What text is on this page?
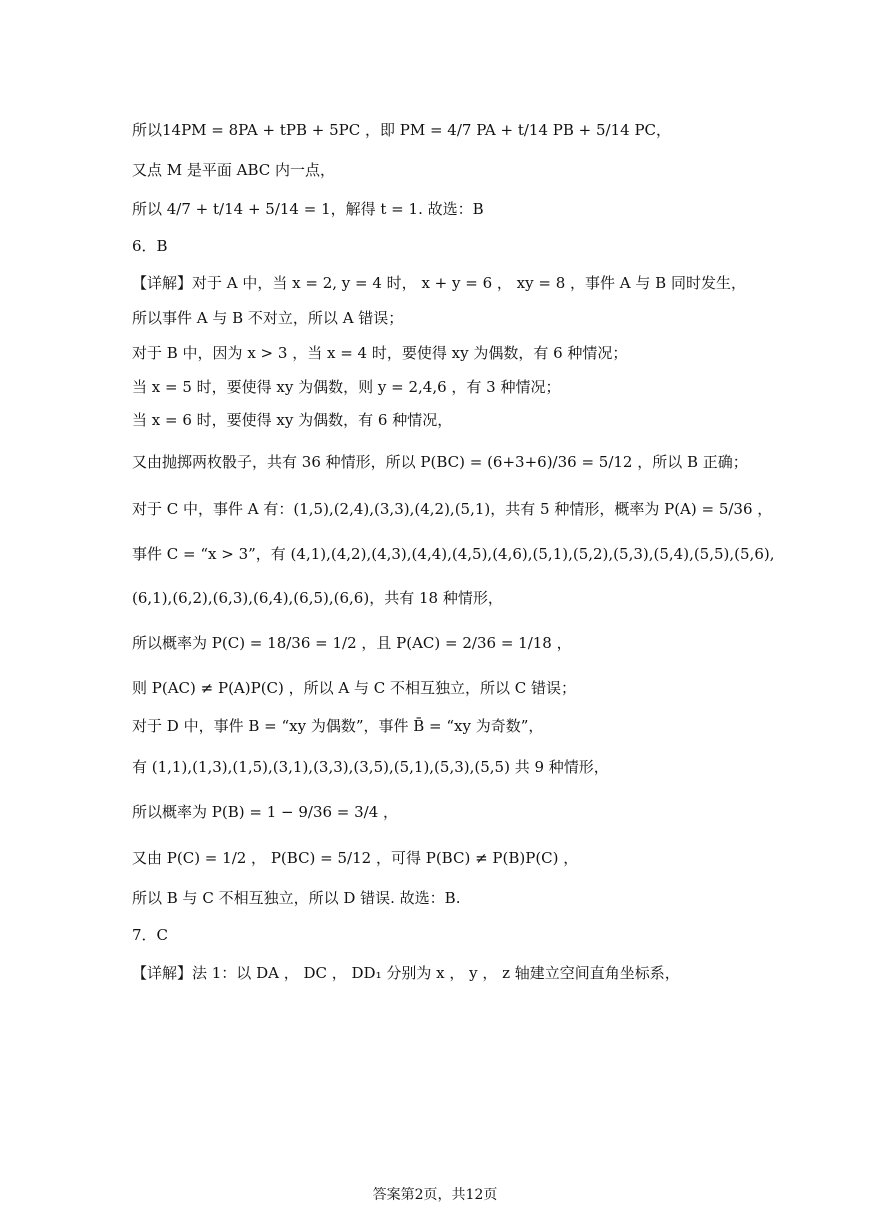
所以14PM = 8PA + tPB + 5PC ，即 PM = 4/7 PA + t/14 PB + 5/14 PC，
又点 M 是平面 ABC 内一点，
所以 4/7 + t/14 + 5/14 = 1，解得 t = 1. 故选：B
6．B
【详解】对于 A 中，当 x = 2, y = 4 时， x + y = 6 ， xy = 8 ，事件 A 与 B 同时发生，
所以事件 A 与 B 不对立，所以 A 错误；
对于 B 中，因为 x > 3 ，当 x = 4 时，要使得 xy 为偶数，有 6 种情况；
当 x = 5 时，要使得 xy 为偶数，则 y = 2,4,6 ，有 3 种情况；
当 x = 6 时，要使得 xy 为偶数，有 6 种情况，
又由抛掷两枚骰子，共有 36 种情形，所以 P(BC) = (6+3+6)/36 = 5/12 ，所以 B 正确；
对于 C 中，事件 A 有：(1,5),(2,4),(3,3),(4,2),(5,1)，共有 5 种情形，概率为 P(A) = 5/36 ，
事件 C = “x > 3”，有 (4,1),(4,2),(4,3),(4,4),(4,5),(4,6),(5,1),(5,2),(5,3),(5,4),(5,5),(5,6),
(6,1),(6,2),(6,3),(6,4),(6,5),(6,6)，共有 18 种情形，
所以概率为 P(C) = 18/36 = 1/2 ，且 P(AC) = 2/36 = 1/18 ，
则 P(AC) ≠ P(A)P(C) ，所以 A 与 C 不相互独立，所以 C 错误；
对于 D 中，事件 B = “xy 为偶数”，事件 B̄ = “xy 为奇数”，
有 (1,1),(1,3),(1,5),(3,1),(3,3),(3,5),(5,1),(5,3),(5,5) 共 9 种情形，
所以概率为 P(B) = 1 − 9/36 = 3/4 ，
又由 P(C) = 1/2 ， P(BC) = 5/12 ，可得 P(BC) ≠ P(B)P(C) ，
所以 B 与 C 不相互独立，所以 D 错误. 故选：B.
7．C
【详解】法 1：以 DA ， DC ， DD₁ 分别为 x ， y ， z 轴建立空间直角坐标系，
答案第2页，共12页
